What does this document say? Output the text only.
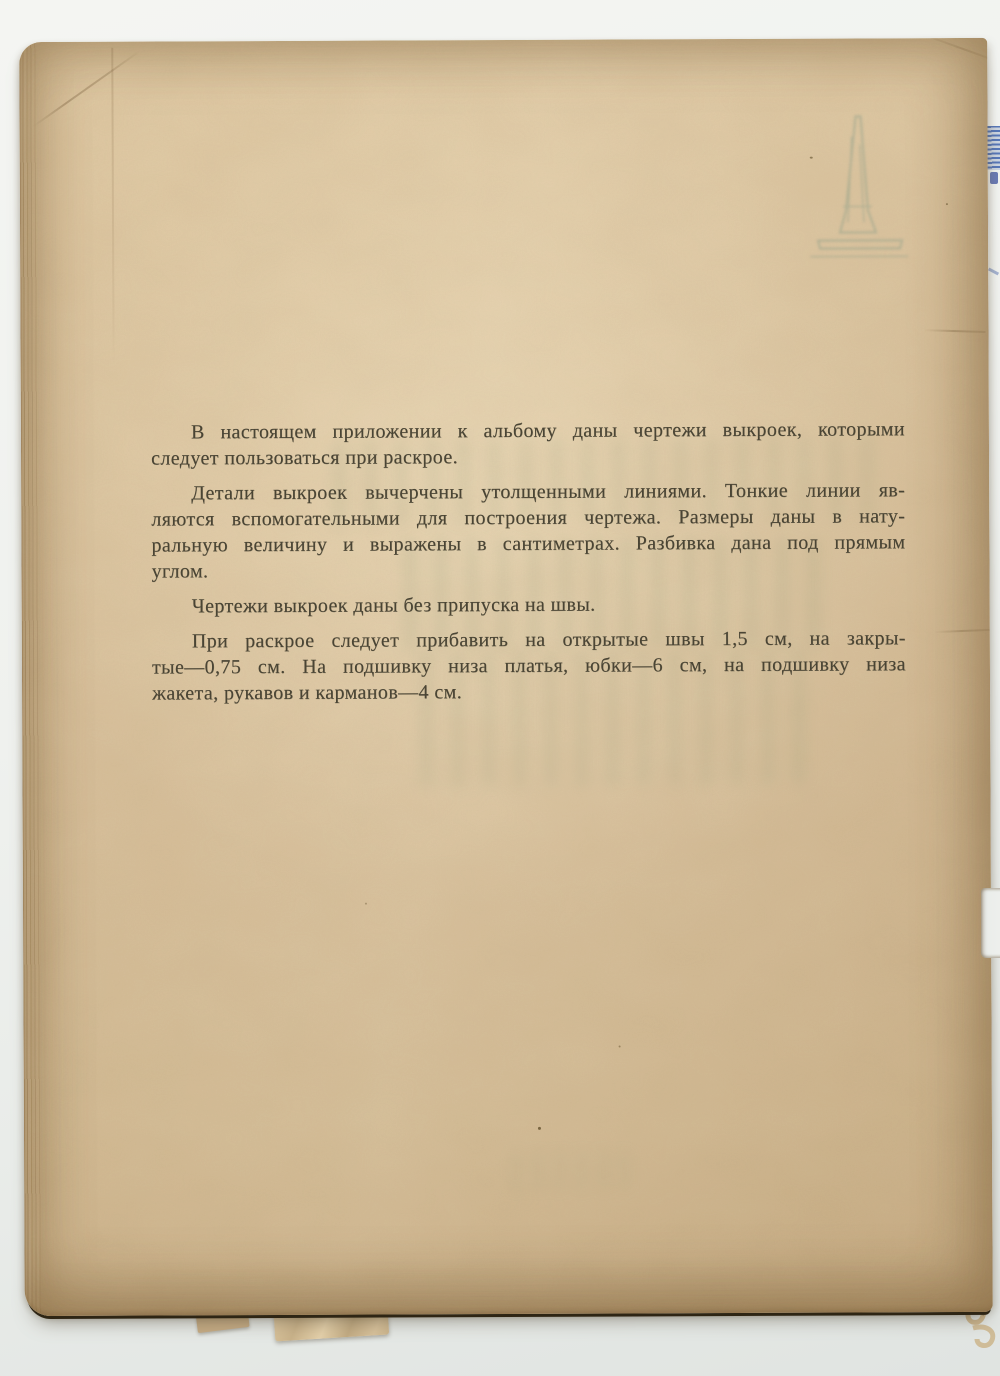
В настоящем приложении к альбому даны чертежи выкроек, которыми
следует пользоваться при раскрое.

Детали выкроек вычерчены утолщенными линиями. Тонкие линии яв-
ляются вспомогательными для построения чертежа. Размеры даны в нату-
ральную величину и выражены в сантиметрах. Разбивка дана под прямым
углом.

Чертежи выкроек даны без припуска на швы.

При раскрое следует прибавить на открытые швы 1,5 см, на закры-
тые—0,75 см. На подшивку низа платья, юбки—6 см, на подшивку низа
жакета, рукавов и карманов—4 см.
